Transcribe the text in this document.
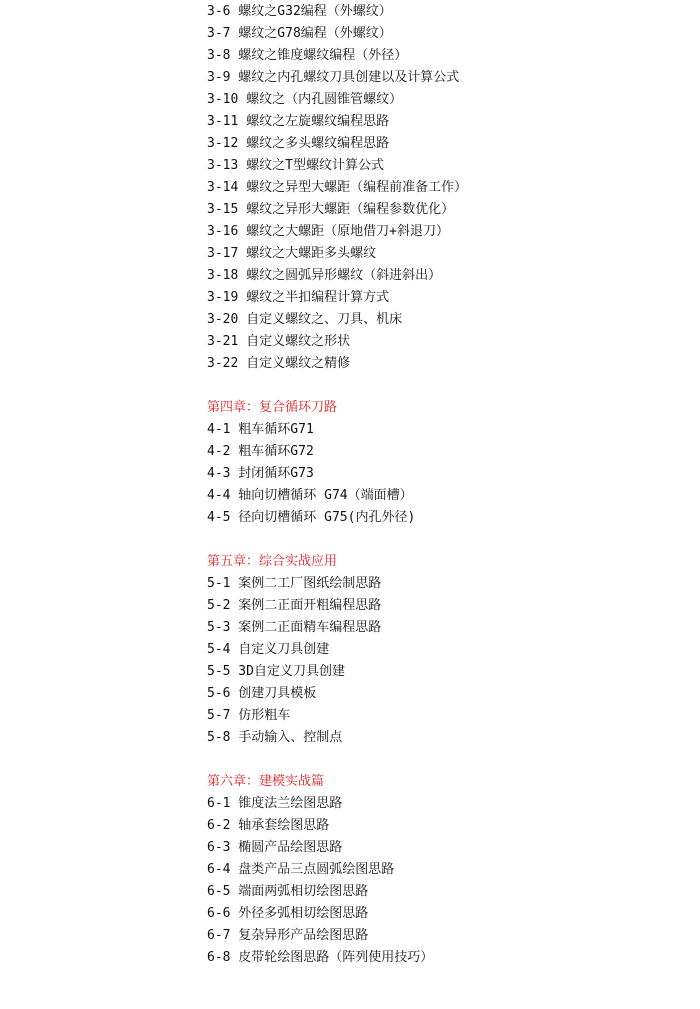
3-6 螺纹之G32编程（外螺纹）
3-7 螺纹之G78编程（外螺纹）
3-8 螺纹之锥度螺纹编程（外径）
3-9 螺纹之内孔螺纹刀具创建以及计算公式
3-10 螺纹之（内孔圆锥管螺纹）
3-11 螺纹之左旋螺纹编程思路
3-12 螺纹之多头螺纹编程思路
3-13 螺纹之T型螺纹计算公式
3-14 螺纹之异型大螺距（编程前准备工作）
3-15 螺纹之异形大螺距（编程参数优化）
3-16 螺纹之大螺距（原地借刀+斜退刀）
3-17 螺纹之大螺距多头螺纹
3-18 螺纹之圆弧异形螺纹（斜进斜出）
3-19 螺纹之半扣编程计算方式
3-20 自定义螺纹之、刀具、机床
3-21 自定义螺纹之形状
3-22 自定义螺纹之精修
第四章：复合循环刀路
4-1 粗车循环G71
4-2 粗车循环G72
4-3 封闭循环G73
4-4 轴向切槽循环 G74（端面槽）
4-5 径向切槽循环 G75(内孔外径)
第五章：综合实战应用
5-1 案例二工厂图纸绘制思路
5-2 案例二正面开粗编程思路
5-3 案例二正面精车编程思路
5-4 自定义刀具创建
5-5 3D自定义刀具创建
5-6 创建刀具模板
5-7 仿形粗车
5-8 手动输入、控制点
第六章：建模实战篇
6-1 锥度法兰绘图思路
6-2 轴承套绘图思路
6-3 椭圆产品绘图思路
6-4 盘类产品三点圆弧绘图思路
6-5 端面两弧相切绘图思路
6-6 外径多弧相切绘图思路
6-7 复杂异形产品绘图思路
6-8 皮带轮绘图思路（阵列使用技巧）
